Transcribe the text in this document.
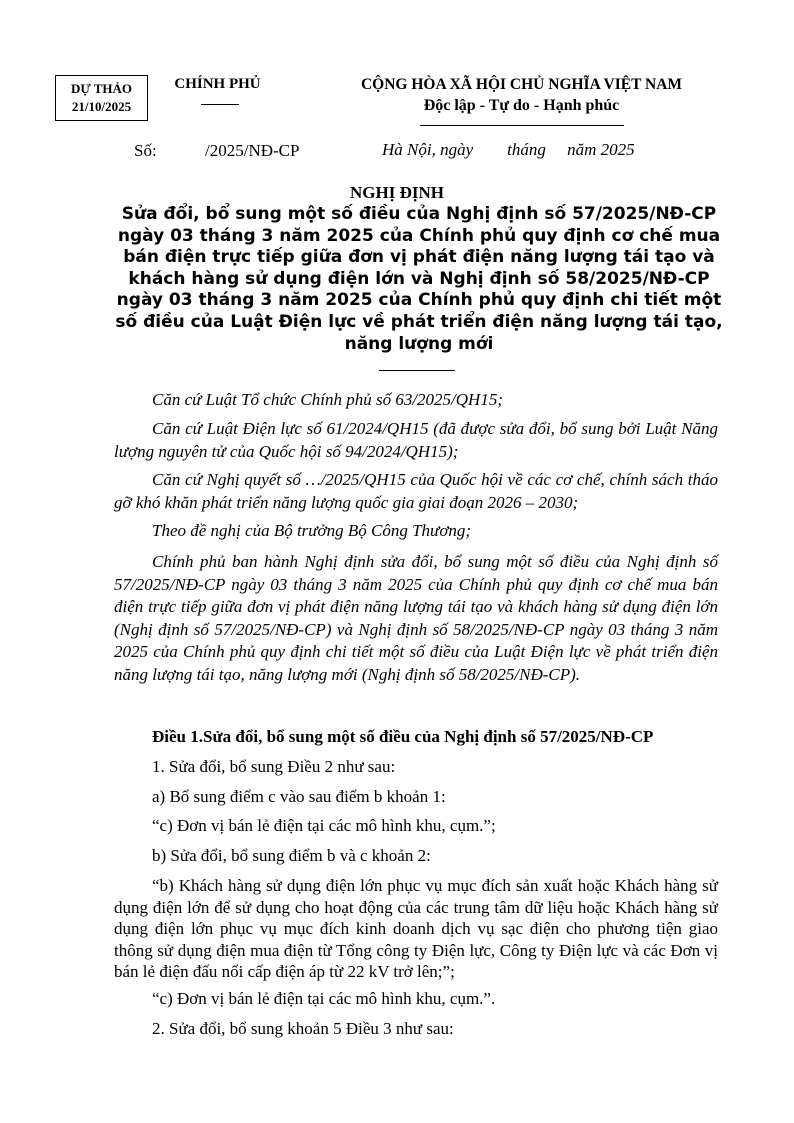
DỰ THẢO
21/10/2025
CHÍNH PHỦ	CỘNG HÒA XÃ HỘI CHỦ NGHĨA VIỆT NAM
Độc lập - Tự do - Hạnh phúc
Số:	/2025/NĐ-CP	Hà Nội, ngày        tháng     năm 2025
NGHỊ ĐỊNH
Sửa đổi, bổ sung một số điều của Nghị định số 57/2025/NĐ-CP ngày 03 tháng 3 năm 2025 của Chính phủ quy định cơ chế mua bán điện trực tiếp giữa đơn vị phát điện năng lượng tái tạo và khách hàng sử dụng điện lớn và Nghị định số 58/2025/NĐ-CP ngày 03 tháng 3 năm 2025 của Chính phủ quy định chi tiết một số điều của Luật Điện lực về phát triển điện năng lượng tái tạo, năng lượng mới
Căn cứ Luật Tổ chức Chính phủ số 63/2025/QH15;
Căn cứ Luật Điện lực số 61/2024/QH15 (đã được sửa đổi, bổ sung bởi Luật Năng lượng nguyên tử của Quốc hội số 94/2024/QH15);
Căn cứ Nghị quyết số …/2025/QH15 của Quốc hội về các cơ chế, chính sách tháo gỡ khó khăn phát triển năng lượng quốc gia giai đoạn 2026 – 2030;
Theo đề nghị của Bộ trưởng Bộ Công Thương;
Chính phủ ban hành Nghị định sửa đổi, bổ sung một số điều của Nghị định số 57/2025/NĐ-CP ngày 03 tháng 3 năm 2025 của Chính phủ quy định cơ chế mua bán điện trực tiếp giữa đơn vị phát điện năng lượng tái tạo và khách hàng sử dụng điện lớn (Nghị định số 57/2025/NĐ-CP) và Nghị định số 58/2025/NĐ-CP ngày 03 tháng 3 năm 2025 của Chính phủ quy định chi tiết một số điều của Luật Điện lực về phát triển điện năng lượng tái tạo, năng lượng mới (Nghị định số 58/2025/NĐ-CP).
Điều 1.Sửa đổi, bổ sung một số điều của Nghị định số 57/2025/NĐ-CP
1. Sửa đổi, bổ sung Điều 2 như sau:
a) Bổ sung điểm c vào sau điểm b khoản 1:
“c) Đơn vị bán lẻ điện tại các mô hình khu, cụm.”;
b) Sửa đổi, bổ sung điểm b và c khoản 2:
“b) Khách hàng sử dụng điện lớn phục vụ mục đích sản xuất hoặc Khách hàng sử dụng điện lớn để sử dụng cho hoạt động của các trung tâm dữ liệu hoặc Khách hàng sử dụng điện lớn phục vụ mục đích kinh doanh dịch vụ sạc điện cho phương tiện giao thông sử dụng điện mua điện từ Tổng công ty Điện lực, Công ty Điện lực và các Đơn vị bán lẻ điện đấu nối cấp điện áp từ 22 kV trở lên;”;
“c) Đơn vị bán lẻ điện tại các mô hình khu, cụm.”.
2. Sửa đổi, bổ sung khoản 5 Điều 3 như sau:
